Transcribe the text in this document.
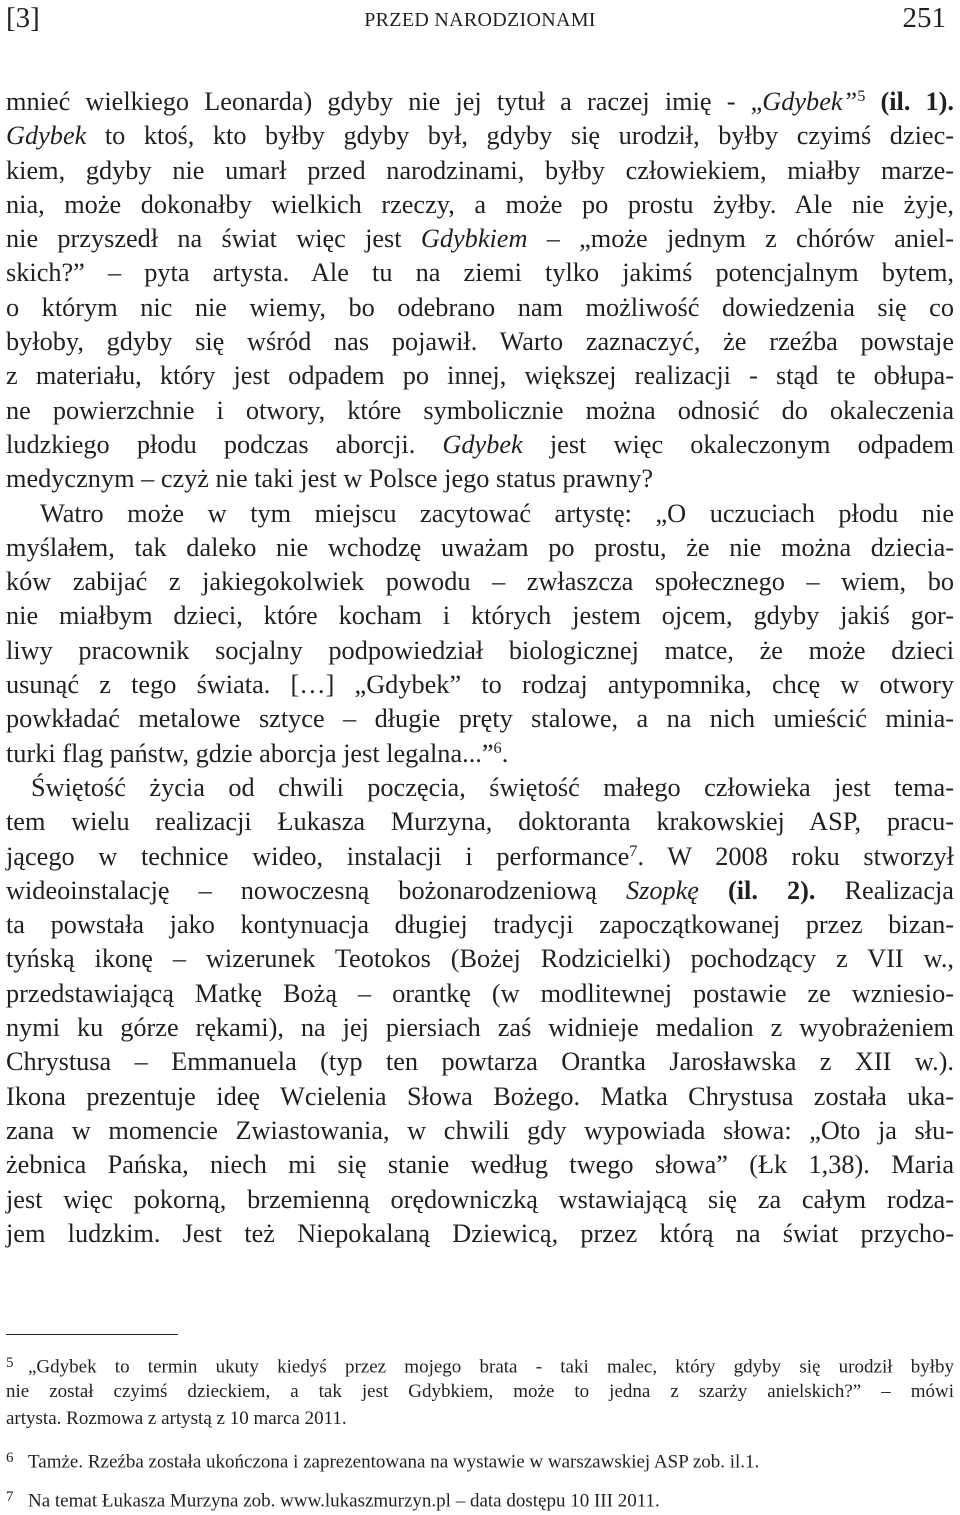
[3]	PRZED NARODZIONAMI	251
mnieć wielkiego Leonarda) gdyby nie jej tytuł a raczej imię - „Gdybek”$^5$ (il. 1).
Gdybek to ktoś, kto byłby gdyby był, gdyby się urodził, byłby czyimś dziec-
kiem, gdyby nie umarł przed narodzinami, byłby człowiekiem, miałby marze-
nia, może dokonałby wielkich rzeczy, a może po prostu żyłby. Ale nie żyje,
nie przyszedł na świat więc jest Gdybkiem – „może jednym z chórów aniel-
skich?” – pyta artysta. Ale tu na ziemi tylko jakimś potencjalnym bytem,
o którym nic nie wiemy, bo odebrano nam możliwość dowiedzenia się co
byłoby, gdyby się wśród nas pojawił. Warto zaznaczyć, że rzeźba powstaje
z materiału, który jest odpadem po innej, większej realizacji - stąd te obłupa-
ne powierzchnie i otwory, które symbolicznie można odnosić do okaleczenia
ludzkiego płodu podczas aborcji. Gdybek jest więc okaleczonym odpadem
medycznym – czyż nie taki jest w Polsce jego status prawny?
Watro może w tym miejscu zacytować artystę: „O uczuciach płodu nie
myślałem, tak daleko nie wchodzę uważam po prostu, że nie można dziecia-
ków zabijać z jakiegokolwiek powodu – zwłaszcza społecznego – wiem, bo
nie miałbym dzieci, które kocham i których jestem ojcem, gdyby jakiś gor-
liwy pracownik socjalny podpowiedział biologicznej matce, że może dzieci
usunąć z tego świata. […] „Gdybek” to rodzaj antypomnika, chcę w otwory
powkładać metalowe sztyce – długie pręty stalowe, a na nich umieścić minia-
turki flag państw, gdzie aborcja jest legalna...”$^6$.
Świętość życia od chwili poczęcia, świętość małego człowieka jest tema-
tem wielu realizacji Łukasza Murzyna, doktoranta krakowskiej ASP, pracu-
jącego w technice wideo, instalacji i performance$^7$. W 2008 roku stworzył
wideoinstalację – nowoczesną bożonarodzeniową Szopkę (il. 2). Realizacja
ta powstała jako kontynuacja długiej tradycji zapoczątkowanej przez bizan-
tyńską ikonę – wizerunek Teotokos (Bożej Rodzicielki) pochodzący z VII w.,
przedstawiającą Matkę Bożą – orantkę (w modlitewnej postawie ze wzniesio-
nymi ku górze rękami), na jej piersiach zaś widnieje medalion z wyobrażeniem
Chrystusa – Emmanuela (typ ten powtarza Orantka Jarosławska z XII w.).
Ikona prezentuje ideę Wcielenia Słowa Bożego. Matka Chrystusa została uka-
zana w momencie Zwiastowania, w chwili gdy wypowiada słowa: „Oto ja słu-
żebnica Pańska, niech mi się stanie według twego słowa” (Łk 1,38). Maria
jest więc pokorną, brzemienną orędowniczką wstawiającą się za całym rodza-
jem ludzkim. Jest też Niepokalaną Dziewicą, przez którą na świat przycho-
5 „Gdybek to termin ukuty kiedyś przez mojego brata - taki malec, który gdyby się urodził byłby
nie został czyimś dzieckiem, a tak jest Gdybkiem, może to jedna z szarży anielskich?” – mówi
artysta. Rozmowa z artystą z 10 marca 2011.
6 Tamże. Rzeźba została ukończona i zaprezentowana na wystawie w warszawskiej ASP zob. il.1.
7 Na temat Łukasza Murzyna zob. www.lukaszmurzyn.pl – data dostępu 10 III 2011.
